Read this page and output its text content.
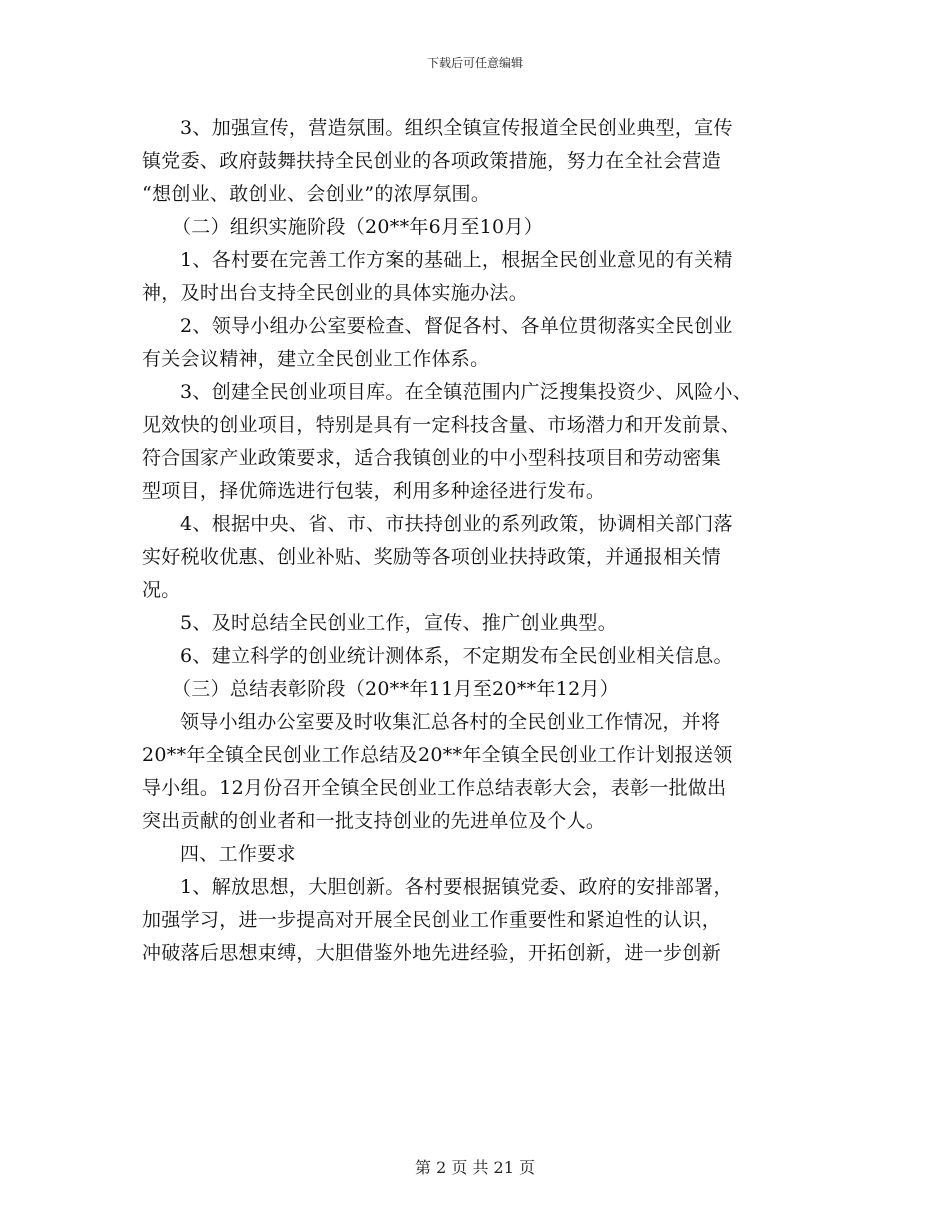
下载后可任意编辑
3、加强宣传，营造氛围。组织全镇宣传报道全民创业典型，宣传
镇党委、政府鼓舞扶持全民创业的各项政策措施，努力在全社会营造
“想创业、敢创业、会创业”的浓厚氛围。
（二）组织实施阶段（20**年6月至10月）
1、各村要在完善工作方案的基础上，根据全民创业意见的有关精
神，及时出台支持全民创业的具体实施办法。
2、领导小组办公室要检查、督促各村、各单位贯彻落实全民创业
有关会议精神，建立全民创业工作体系。
3、创建全民创业项目库。在全镇范围内广泛搜集投资少、风险小、
见效快的创业项目，特别是具有一定科技含量、市场潜力和开发前景、
符合国家产业政策要求，适合我镇创业的中小型科技项目和劳动密集
型项目，择优筛选进行包装，利用多种途径进行发布。
4、根据中央、省、市、市扶持创业的系列政策，协调相关部门落
实好税收优惠、创业补贴、奖励等各项创业扶持政策，并通报相关情
况。
5、及时总结全民创业工作，宣传、推广创业典型。
6、建立科学的创业统计测体系，不定期发布全民创业相关信息。
（三）总结表彰阶段（20**年11月至20**年12月）
领导小组办公室要及时收集汇总各村的全民创业工作情况，并将
20**年全镇全民创业工作总结及20**年全镇全民创业工作计划报送领
导小组。12月份召开全镇全民创业工作总结表彰大会，表彰一批做出
突出贡献的创业者和一批支持创业的先进单位及个人。
四、工作要求
1、解放思想，大胆创新。各村要根据镇党委、政府的安排部署，
加强学习，进一步提高对开展全民创业工作重要性和紧迫性的认识，
冲破落后思想束缚，大胆借鉴外地先进经验，开拓创新，进一步创新
第 2 页 共 21 页
